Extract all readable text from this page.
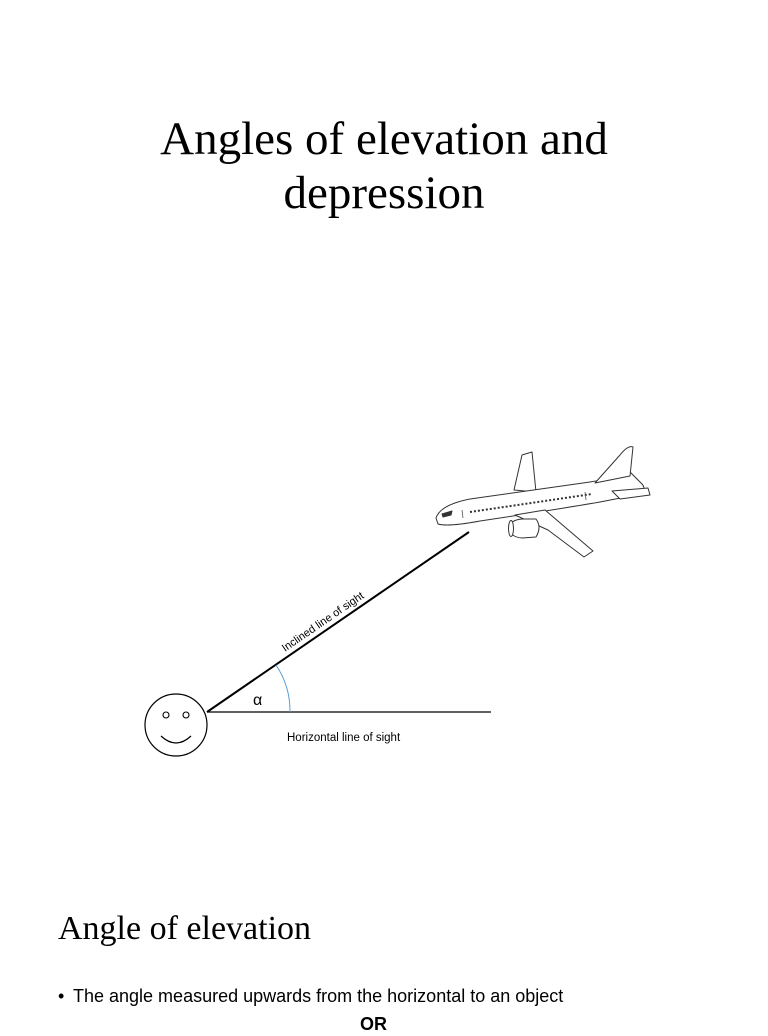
Angles of elevation and
depression
α
Inclined line of sight
Horizontal line of sight
Angle of elevation
• The angle measured upwards from the horizontal to an object
OR
